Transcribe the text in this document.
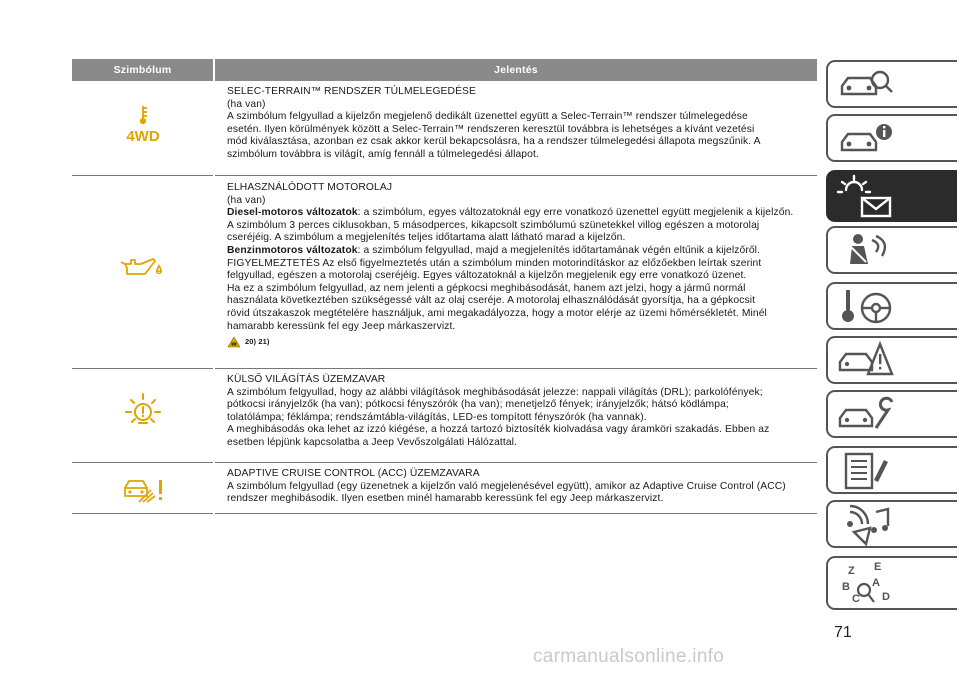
Szimbólum	Jelentés
4WD

SELEC-TERRAIN™ RENDSZER TÚLMELEGEDÉSE

(ha van)

A szimbólum felgyullad a kijelzőn megjelenő dedikált üzenettel együtt a Selec-Terrain™ rendszer túlmelegedése

esetén. Ilyen körülmények között a Selec-Terrain™ rendszeren keresztül továbbra is lehetséges a kívánt vezetési

mód kiválasztása, azonban ez csak akkor kerül bekapcsolásra, ha a rendszer túlmelegedési állapota megszűnik. A

szimbólum továbbra is világít, amíg fennáll a túlmelegedési állapot.

ELHASZNÁLÓDOTT MOTOROLAJ

(ha van)

Diesel-motoros változatok: a szimbólum, egyes változatoknál egy erre vonatkozó üzenettel együtt megjelenik a kijelzőn.

A szimbólum 3 perces ciklusokban, 5 másodperces, kikapcsolt szimbólumú szünetekkel villog egészen a motorolaj

cseréjéig. A szimbólum a megjelenítés teljes időtartama alatt látható marad a kijelzőn.

Benzinmotoros változatok: a szimbólum felgyullad, majd a megjelenítés időtartamának végén eltűnik a kijelzőről.

FIGYELMEZTETÉS Az első figyelmeztetés után a szimbólum minden motorindításkor az előzőekben leírtak szerint

felgyullad, egészen a motorolaj cseréjéig. Egyes változatoknál a kijelzőn megjelenik egy erre vonatkozó üzenet.

Ha ez a szimbólum felgyullad, az nem jelenti a gépkocsi meghibásodását, hanem azt jelzi, hogy a jármű normál

használata következtében szükségessé vált az olaj cseréje. A motorolaj elhasználódását gyorsítja, ha a gépkocsit

rövid útszakaszok megtételére használjuk, ami megakadályozza, hogy a motor elérje az üzemi hőmérsékletét. Minél

hamarabb keressünk fel egy Jeep márkaszervizt.

20) 21)

KÜLSŐ VILÁGÍTÁS ÜZEMZAVAR

A szimbólum felgyullad, hogy az alábbi világítások meghibásodását jelezze: nappali világítás (DRL); parkolófények;

pótkocsi irányjelzők (ha van); pótkocsi fényszórók (ha van); menetjelző fények; irányjelzők; hátsó ködlámpa;

tolatólámpa; féklámpa; rendszámtábla-világítás, LED-es tompított fényszórók (ha vannak).

A meghibásodás oka lehet az izzó kiégése, a hozzá tartozó biztosíték kiolvadása vagy áramköri szakadás. Ebben az

esetben lépjünk kapcsolatba a Jeep Vevőszolgálati Hálózattal.

ADAPTIVE CRUISE CONTROL (ACC) ÜZEMZAVARA

A szimbólum felgyullad (egy üzenetnek a kijelzőn való megjelenésével együtt), amikor az Adaptive Cruise Control (ACC)

rendszer meghibásodik. Ilyen esetben minél hamarabb keressünk fel egy Jeep márkaszervizt.

Z E
B A
C D
71
carmanualsonline.info
